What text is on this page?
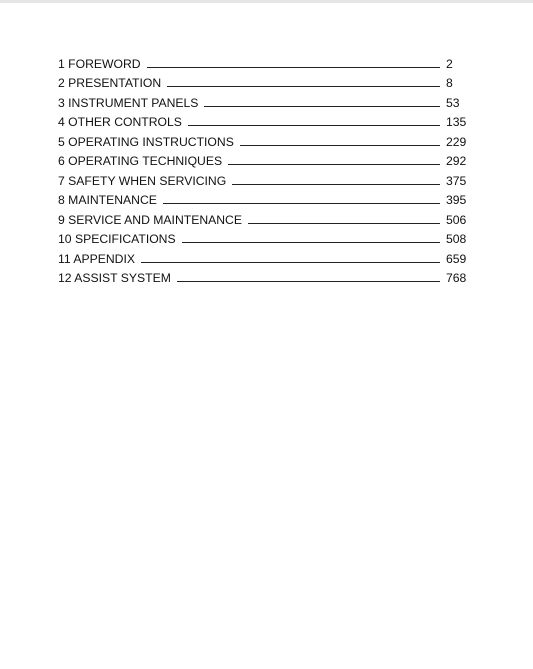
1 FOREWORD	2
2 PRESENTATION	8
3 INSTRUMENT PANELS	53
4 OTHER CONTROLS	135
5 OPERATING INSTRUCTIONS	229
6 OPERATING TECHNIQUES	292
7 SAFETY WHEN SERVICING	375
8 MAINTENANCE	395
9 SERVICE AND MAINTENANCE	506
10 SPECIFICATIONS	508
11 APPENDIX	659
12 ASSIST SYSTEM	768
